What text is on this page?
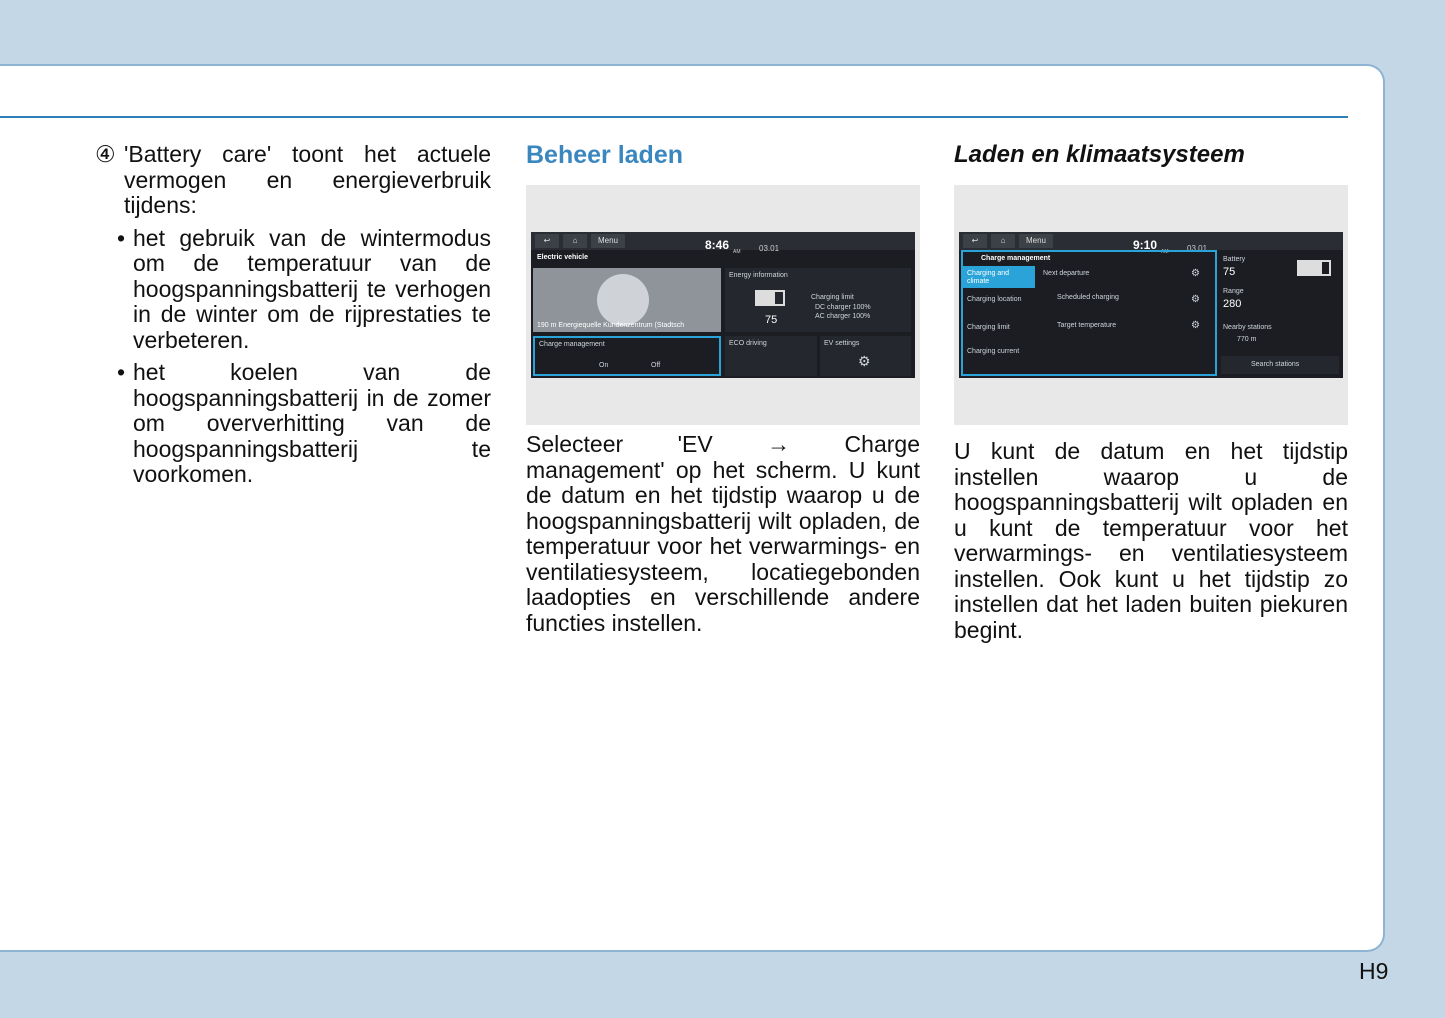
④ 'Battery care' toont het actuele vermogen en energieverbruik tijdens:
• het gebruik van de wintermodus om de temperatuur van de hoogspanningsbatterij te verhogen in de winter om de rijprestaties te verbeteren.
• het koelen van de hoogspanningsbatterij in de zomer om oververhitting van de hoogspanningsbatterij te voorkomen.
Beheer laden
↩	⌂	Menu	8:46 AM 03.01
Electric vehicle
190 m Energiequelle Kundenzentrum (Stadtsch
Energy information
75
Charging limit
DC charger 100%
AC charger 100%
Charge management
On	Off
ECO driving	EV settings
⚙
Selecteer 'EV → Charge management' op het scherm. U kunt de datum en het tijdstip waarop u de hoogspanningsbatterij wilt opladen, de temperatuur voor het verwarmings- en ventilatiesysteem, locatiegebonden laadopties en verschillende andere functies instellen.
Laden en klimaatsysteem
↩	⌂	Menu	9:10 AM 03.01
Charge management
Charging and climate
Charging location
Charging limit
Charging current
Next departure
Scheduled charging
Target temperature
⚙
⚙
⚙
Battery
75
Range
280
Nearby stations
770 m
Search stations
U kunt de datum en het tijdstip instellen waarop u de hoogspanningsbatterij wilt opladen en u kunt de temperatuur voor het verwarmings- en ventilatiesysteem instellen. Ook kunt u het tijdstip zo instellen dat het laden buiten piekuren begint.
H9
